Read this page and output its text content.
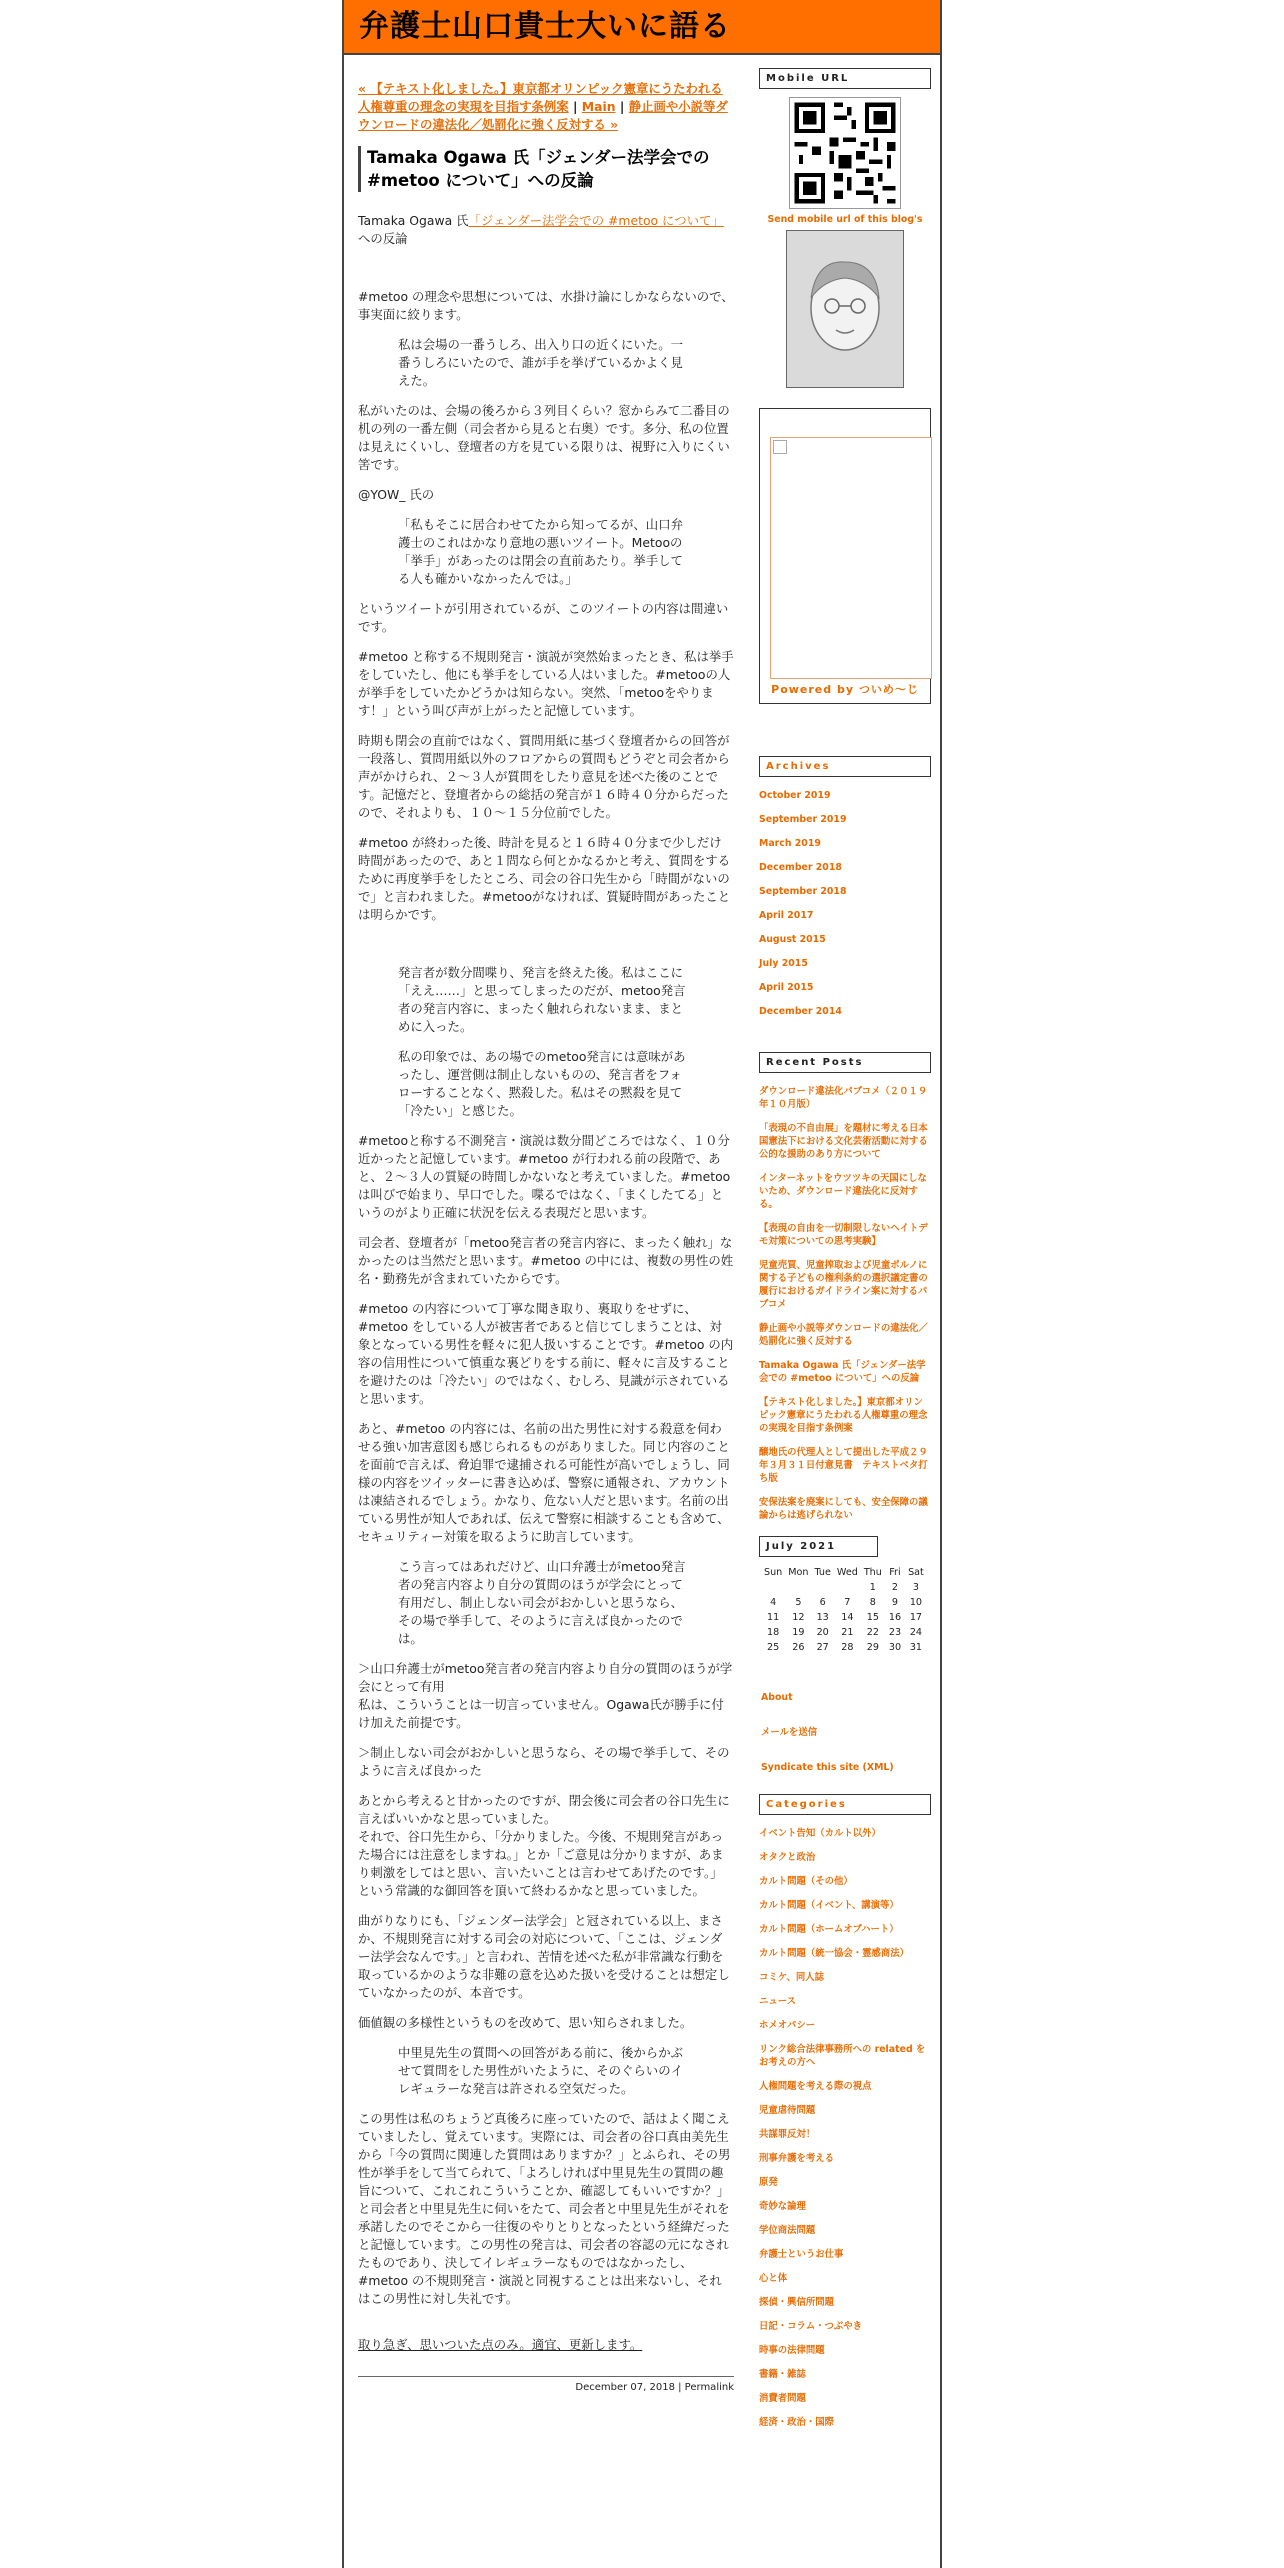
弁護士山口貴士大いに語る
« 【テキスト化しました。】東京都オリンピック憲章にうたわれる人権尊重の理念の実現を目指す条例案 | Main | 静止画や小説等ダウンロードの違法化／処罰化に強く反対する »
Tamaka Ogawa 氏「ジェンダー法学会での #metoo について」への反論

Tamaka Ogawa 氏「ジェンダー法学会での #metoo について」への反論

#metoo の理念や思想については、水掛け論にしかならないので、事実面に絞ります。

私は会場の一番うしろ、出入り口の近くにいた。一番うしろにいたので、誰が手を挙げているかよく見えた。

私がいたのは、会場の後ろから３列目くらい？窓からみて二番目の机の列の一番左側（司会者から見ると右奥）です。多分、私の位置は見えにくいし、登壇者の方を見ている限りは、視野に入りにくい筈です。

@YOW_ 氏の

「私もそこに居合わせてたから知ってるが、山口弁護士のこれはかなり意地の悪いツイート。Metooの「挙手」があったのは閉会の直前あたり。挙手してる人も確かいなかったんでは。」

というツイートが引用されているが、このツイートの内容は間違いです。

#metoo と称する不規則発言・演説が突然始まったとき、私は挙手をしていたし、他にも挙手をしている人はいました。#metooの人が挙手をしていたかどうかは知らない。突然、「metooをやります！」という叫び声が上がったと記憶しています。

時期も閉会の直前ではなく、質問用紙に基づく登壇者からの回答が一段落し、質問用紙以外のフロアからの質問もどうぞと司会者から声がかけられ、２～３人が質問をしたり意見を述べた後のことです。記憶だと、登壇者からの総括の発言が１６時４０分からだったので、それよりも、１０～１５分位前でした。

#metoo が終わった後、時計を見ると１６時４０分まで少しだけ時間があったので、あと１問なら何とかなるかと考え、質問をするために再度挙手をしたところ、司会の谷口先生から「時間がないので」と言われました。#metooがなければ、質疑時間があったことは明らかです。

発言者が数分間喋り、発言を終えた後。私はここに「ええ……」と思ってしまったのだが、metoo発言者の発言内容に、まったく触れられないまま、まとめに入った。

私の印象では、あの場でのmetoo発言には意味があったし、運営側は制止しないものの、発言者をフォローすることなく、黙殺した。私はその黙殺を見て「冷たい」と感じた。

#metooと称する不測発言・演説は数分間どころではなく、１０分近かったと記憶しています。#metoo が行われる前の段階で、あと、２～３人の質疑の時間しかないなと考えていました。#metoo は叫びで始まり、早口でした。喋るではなく、「まくしたてる」というのがより正確に状況を伝える表現だと思います。

司会者、登壇者が「metoo発言者の発言内容に、まったく触れ」なかったのは当然だと思います。#metoo の中には、複数の男性の姓名・勤務先が含まれていたからです。

#metoo の内容について丁寧な聞き取り、裏取りをせずに、#metoo をしている人が被害者であると信じてしまうことは、対象となっている男性を軽々に犯人扱いすることです。#metoo の内容の信用性について慎重な裏どりをする前に、軽々に言及することを避けたのは「冷たい」のではなく、むしろ、見識が示されていると思います。

あと、#metoo の内容には、名前の出た男性に対する殺意を伺わせる強い加害意図も感じられるものがありました。同じ内容のことを面前で言えば、脅迫罪で逮捕される可能性が高いでしょうし、同様の内容をツイッターに書き込めば、警察に通報され、アカウントは凍結されるでしょう。かなり、危ない人だと思います。名前の出ている男性が知人であれば、伝えて警察に相談することも含めて、セキュリティー対策を取るように助言しています。

こう言ってはあれだけど、山口弁護士がmetoo発言者の発言内容より自分の質問のほうが学会にとって有用だし、制止しない司会がおかしいと思うなら、その場で挙手して、そのように言えば良かったのでは。

＞山口弁護士がmetoo発言者の発言内容より自分の質問のほうが学会にとって有用
私は、こういうことは一切言っていません。Ogawa氏が勝手に付け加えた前提です。

＞制止しない司会がおかしいと思うなら、その場で挙手して、そのように言えば良かった

あとから考えると甘かったのですが、閉会後に司会者の谷口先生に言えばいいかなと思っていました。
それで、谷口先生から、「分かりました。今後、不規則発言があった場合には注意をしますね。」とか「ご意見は分かりますが、あまり刺激をしてはと思い、言いたいことは言わせてあげたのです。」という常識的な御回答を頂いて終わるかなと思っていました。

曲がりなりにも、「ジェンダー法学会」と冠されている以上、まさか、不規則発言に対する司会の対応について、「ここは、ジェンダー法学会なんです。」と言われ、苦情を述べた私が非常識な行動を取っているかのような非難の意を込めた扱いを受けることは想定していなかったのが、本音です。

価値観の多様性というものを改めて、思い知らされました。

中里見先生の質問への回答がある前に、後からかぶせて質問をした男性がいたように、そのぐらいのイレギュラーな発言は許される空気だった。

この男性は私のちょうど真後ろに座っていたので、話はよく聞こえていましたし、覚えています。実際には、司会者の谷口真由美先生から「今の質問に関連した質問はありますか？」とふられ、その男性が挙手をして当てられて、「よろしければ中里見先生の質問の趣旨について、これこれこういうことか、確認してもいいですか？」と司会者と中里見先生に伺いをたて、司会者と中里見先生がそれを承諾したのでそこから一往復のやりとりとなったという経緯だったと記憶しています。この男性の発言は、司会者の容認の元になされたものであり、決してイレギュラーなものではなかったし、#metoo の不規則発言・演説と同視することは出来ないし、それはこの男性に対し失礼です。

取り急ぎ、思いついた点のみ。適宜、更新します。

December 07, 2018 | Permalink
Mobile URL
Send mobile url of this blog's
Powered by ついめ～じ
Archives
October 2019
September 2019
March 2019
December 2018
September 2018
April 2017
August 2015
July 2015
April 2015
December 2014
Recent Posts
ダウンロード違法化パブコメ（２０１９年１０月版）
「表現の不自由展」を題材に考える日本国憲法下における文化芸術活動に対する公的な援助のあり方について
インターネットをウツツキの天国にしないため、ダウンロード違法化に反対する。
【表現の自由を一切制限しないヘイトデモ対策についての思考実験】
児童売買、児童搾取および児童ポルノに関する子どもの権利条約の選択議定書の履行におけるガイドライン案に対するパブコメ
静止画や小説等ダウンロードの違法化／処罰化に強く反対する
Tamaka Ogawa 氏「ジェンダー法学会での #metoo について」への反論
【テキスト化しました。】東京都オリンピック憲章にうたわれる人権尊重の理念の実現を目指す条例案
醸地氏の代理人として提出した平成２９年３月３１日付意見書　テキストベタ打ち版
安保法案を廃案にしても、安全保障の議論からは逃げられない
July 2021
Sun	Mon	Tue	Wed	Thu	Fri	Sat
				1	2	3
4	5	6	7	8	9	10
11	12	13	14	15	16	17
18	19	20	21	22	23	24
25	26	27	28	29	30	31
About
メールを送信
Syndicate this site (XML)
Categories
イベント告知（カルト以外）
オタクと政治
カルト問題（その他）
カルト問題（イベント、講演等）
カルト問題（ホームオブハート）
カルト問題（統一協会・霊感商法）
コミケ、同人誌
ニュース
ホメオパシー
リンク総合法律事務所への related をお考えの方へ
人権問題を考える際の視点
児童虐待問題
共謀罪反対！
刑事弁護を考える
原発
奇妙な論理
学位商法問題
弁護士というお仕事
心と体
探偵・興信所問題
日記・コラム・つぶやき
時事の法律問題
書籍・雑誌
消費者問題
経済・政治・国際
